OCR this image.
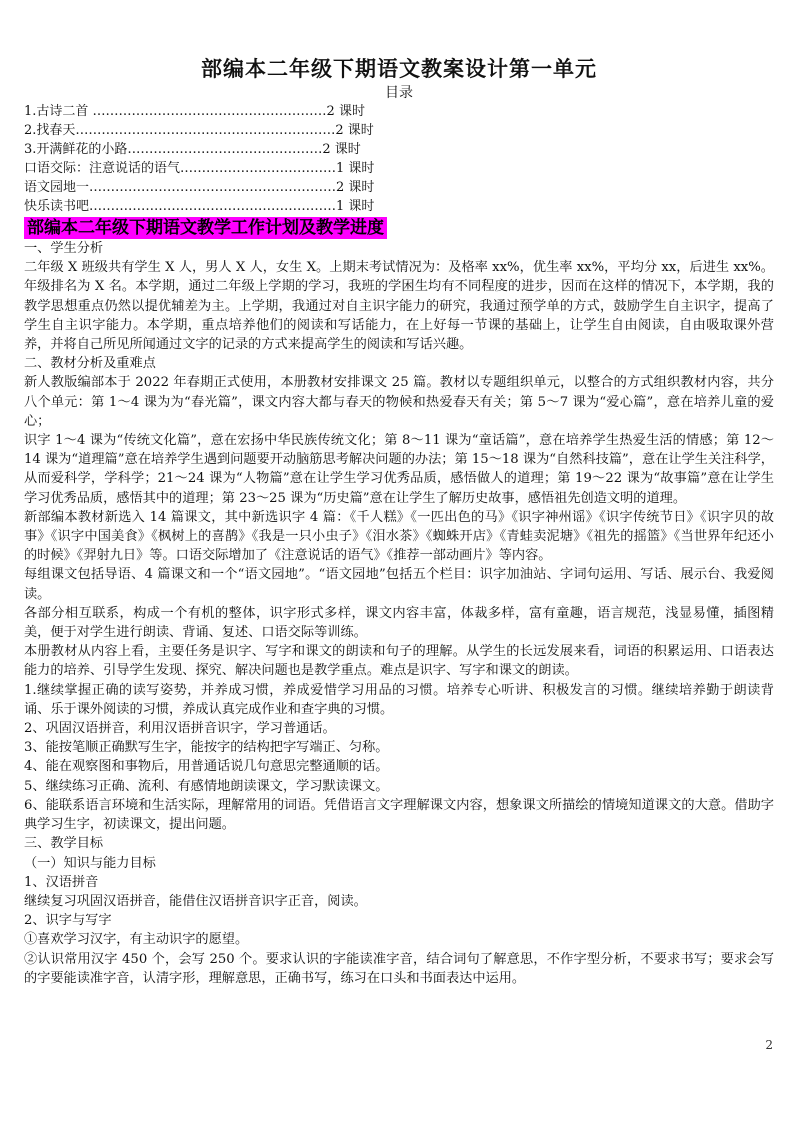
部编本二年级下期语文教案设计第一单元
目录
1.古诗二首 ………………………………………………2 课时
2.找春天……………………………………………………2 课时
3.开满鲜花的小路………………………………………2 课时
口语交际：注意说话的语气………………………………1 课时
语文园地一…………………………………………………2 课时
快乐读书吧…………………………………………………1 课时
部编本二年级下期语文教学工作计划及教学进度

一、学生分析

二年级 X 班级共有学生 X 人，男人 X 人，女生 X。上期末考试情况为：及格率 xx%，优生率 xx%，平均分 xx，后进生 xx%。年级排名为 X 名。本学期，通过二年级上学期的学习，我班的学困生均有不同程度的进步，因而在这样的情况下，本学期，我的教学思想重点仍然以提优辅差为主。上学期，我通过对自主识字能力的研究，我通过预学单的方式，鼓励学生自主识字，提高了学生自主识字能力。本学期，重点培养他们的阅读和写话能力，在上好每一节课的基础上，让学生自由阅读，自由吸取课外营养，并将自己所见所闻通过文字的记录的方式来提高学生的阅读和写话兴趣。

二、教材分析及重难点

新人教版编部本于 2022 年春期正式使用，本册教材安排课文 25 篇。教材以专题组织单元，以整合的方式组织教材内容，共分八个单元：第 1～4 课为为“春光篇”，课文内容大都与春天的物候和热爱春天有关；第 5～7 课为“爱心篇”，意在培养儿童的爱心；

识字 1～4 课为“传统文化篇”，意在宏扬中华民族传统文化；第 8～11 课为“童话篇”，意在培养学生热爱生活的情感；第 12～14 课为“道理篇”意在培养学生遇到问题要开动脑筋思考解决问题的办法；第 15～18 课为“自然科技篇”，意在让学生关注科学，从而爱科学，学科学；21～24 课为“人物篇”意在让学生学习优秀品质，感悟做人的道理；第 19～22 课为“故事篇”意在让学生学习优秀品质，感悟其中的道理；第 23～25 课为“历史篇”意在让学生了解历史故事，感悟祖先创造文明的道理。

新部编本教材新选入 14 篇课文，其中新选识字 4 篇：《千人糕》《一匹出色的马》《识字神州谣》《识字传统节日》《识字贝的故事》《识字中国美食》《枫树上的喜鹊》《我是一只小虫子》《泪水茶》《蜘蛛开店》《青蛙卖泥塘》《祖先的摇篮》《当世界年纪还小的时候》《羿射九日》等。口语交际增加了《注意说话的语气》《推荐一部动画片》等内容。

每组课文包括导语、4 篇课文和一个“语文园地”。“语文园地”包括五个栏目：识字加油站、字词句运用、写话、展示台、我爱阅读。

各部分相互联系，构成一个有机的整体，识字形式多样，课文内容丰富，体裁多样，富有童趣，语言规范，浅显易懂，插图精美，便于对学生进行朗读、背诵、复述、口语交际等训练。

本册教材从内容上看，主要任务是识字、写字和课文的朗读和句子的理解。从学生的长远发展来看，词语的积累运用、口语表达能力的培养、引导学生发现、探究、解决问题也是教学重点。难点是识字、写字和课文的朗读。

1.继续掌握正确的读写姿势，并养成习惯，养成爱惜学习用品的习惯。培养专心听讲、积极发言的习惯。继续培养勤于朗读背诵、乐于课外阅读的习惯，养成认真完成作业和查字典的习惯。

2、巩固汉语拼音，利用汉语拼音识字，学习普通话。

3、能按笔顺正确默写生字，能按字的结构把字写端正、匀称。

4、能在观察图和事物后，用普通话说几句意思完整通顺的话。

5、继续练习正确、流利、有感情地朗读课文，学习默读课文。

6、能联系语言环境和生活实际，理解常用的词语。凭借语言文字理解课文内容，想象课文所描绘的情境知道课文的大意。借助字典学习生字，初读课文，提出问题。

三、教学目标

（一）知识与能力目标

1、汉语拼音

继续复习巩固汉语拼音，能借住汉语拼音识字正音，阅读。

2、识字与写字

①喜欢学习汉字，有主动识字的愿望。

②认识常用汉字 450 个，会写 250 个。要求认识的字能读准字音，结合词句了解意思，不作字型分析，不要求书写；要求会写的字要能读准字音，认清字形，理解意思，正确书写，练习在口头和书面表达中运用。

2
